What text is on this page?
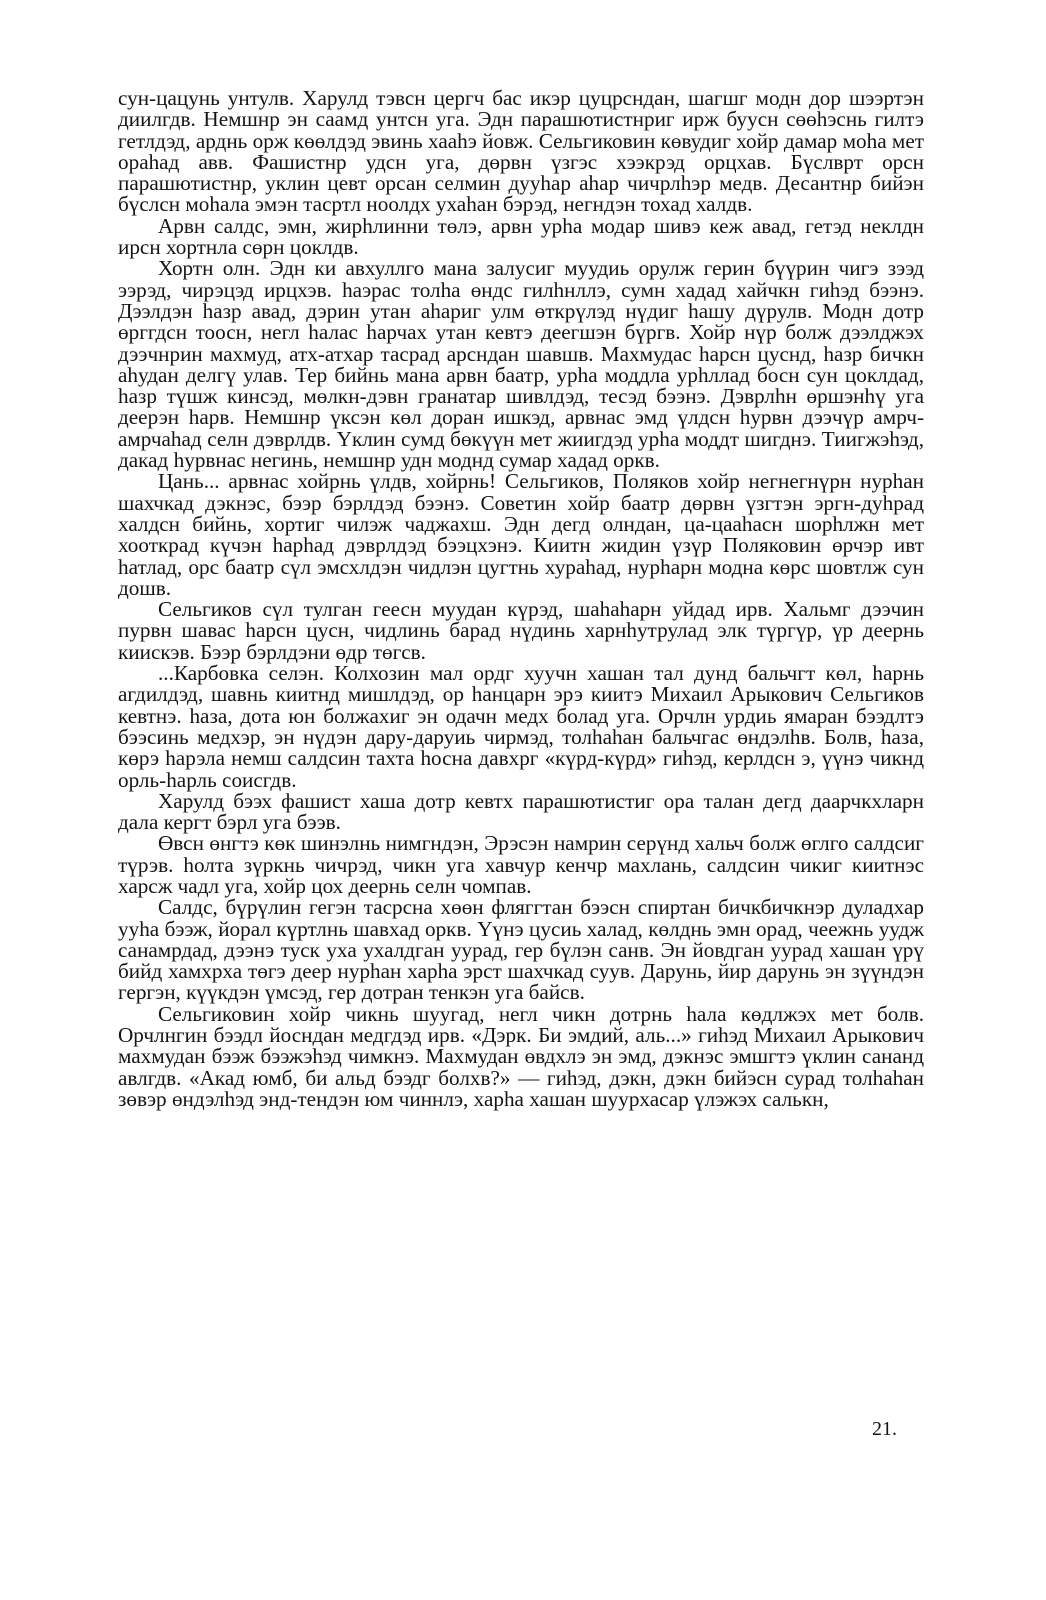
сун-цацунь унтулв. Харулд тэвсн цергч бас икэр цуцрсндан, шагшг модн дор шээртэн диилгдв. Немшнр эн саамд унтсн уга. Эдн парашютистнриг ирж буусн сөөhэснь гилтэ гетлдэд, арднь орж көөлдэд эвинь хааhэ йовж. Сельгиковин көвудиг хойр дамар моhа мет ораhад авв. Фашистнр удсн уга, дөрвн үзгэс хээкрэд орцхав. Бүслврт орсн парашютистнр, уклин цевт орсан селмин дууhар аhар чичрлhэр медв. Десантнр бийэн бүслсн моhала эмэн тасртл ноолдх ухаhан бэрэд, негндэн тохад халдв.

Арвн салдс, эмн, жирhлинни төлэ, арвн урhа модар шивэ кеж авад, гетэд неклдн ирсн хортнла сөрн цоклдв.

Хортн олн. Эдн ки авхуллго мана залусиг муудиь орулж герин бүүрин чигэ зээд ээрэд, чирэцэд ирцхэв. hаэрас толhа өндс гилhнллэ, сумн хадад хайчкн гиhэд бээнэ. Дээлдэн hазр авад, дэрин утан аhариг улм өткрүлэд нүдиг hашу дүрулв. Модн дотр өрггдсн тоосн, негл hалас hарчах утан кевтэ деегшэн бүргв. Хойр нүр болж дээлджэх дээчнрин махмуд, атх-атхар тасрад арсндан шавшв. Махмудас hарсн цуснд, hазр бичкн аhудан делгү улав. Тер бийнь мана арвн баатр, урhа моддла урhллад босн сун цоклдад, hазр түшж кинсэд, мөлкн-дэвн гранатар шивлдэд, тесэд бээнэ. Дэврлhн өршэнhү уга деерэн hарв. Немшнр үксэн көл доран ишкэд, арвнас эмд үлдсн hурвн дээчүр амрч-амрчаhад селн дэврлдв. Үклин сумд бөкүүн мет жиигдэд урhа моддт шигднэ. Тиигжэhэд, дакад hурвнас негинь, немшнр удн моднд сумар хадад оркв.

Цань... арвнас хойрнь үлдв, хойрнь! Сельгиков, Поляков хойр негнегнүрн нурhан шахчкад дэкнэс, бээр бэрлдэд бээнэ. Советин хойр баатр дөрвн үзгтэн эргн-дуhрад халдсн бийнь, хортиг чилэж чаджахш. Эдн дегд олндан, ца-цааhасн шорhлжн мет хооткрад күчэн hарhад дэврлдэд бээцхэнэ. Киитн жидин үзүр Поляковин өрчэр ивт hатлад, орс баатр сүл эмсхлдэн чидлэн цугтнь хураhад, нурhарн модна көрс шовтлж сун дошв.

Сельгиков сүл тулган геесн муудан күрэд, шаhаhарн уйдад ирв. Хальмг дээчин пурвн шавас hарсн цусн, чидлинь барад нүдинь харнhутрулад элк түргүр, үр деернь киискэв. Бээр бэрлдэни өдр төгсв.

...Карбовка селэн. Колхозин мал ордг хуучн хашан тал дунд бальчгт көл, hарнь агдилдэд, шавнь киитнд мишлдэд, ор hанцарн эрэ киитэ Михаил Арыкович Сельгиков кевтнэ. hаза, дота юн болжахиг эн одачн медх болад уга. Орчлн урдиь ямаран бээдлтэ бээсинь медхэр, эн нүдэн дару-даруиь чирмэд, толhаhан бальчгас өндэлhв. Болв, hаза, көрэ hарэла немш салдсин тахта hосна давхрг «күрд-күрд» гиhэд, керлдсн э, үүнэ чикнд орль-hарль соисгдв.

Харулд бээх фашист хаша дотр кевтх парашютистиг ора талан дегд даарчкхларн дала кергт бэрл уга бээв.

Өвсн өнгтэ көк шинэлнь нимгндэн, Эрэсэн намрин серүнд хальч болж өглго салдсиг түрэв. hолта зүркнь чичрэд, чикн уга хавчур кенчр махлань, салдсин чикиг киитнэс харсж чадл уга, хойр цох деернь селн чомпав.

Салдс, бүрүлин гегэн тасрсна хөөн фляггтан бээсн спиртан бичкбичкнэр дуладхар ууhа бээж, йорал күртлнь шавхад оркв. Үүнэ цусиь халад, көлднь эмн орад, чеежнь уудж санамрдад, дээнэ туск уха ухалдган уурад, гер бүлэн санв. Эн йовдган уурад хашан үрү бийд хамхрха төгэ деер нурhан харhа эрст шахчкад суув. Дарунь, йир дарунь эн зүүндэн гергэн, күүкдэн үмсэд, гер дотран тенкэн уга байсв.

Сельгиковин хойр чикнь шуугад, негл чикн дотрнь hала көдлжэх мет болв. Орчлнгин бээдл йосндан медгдэд ирв. «Дэрк. Би эмдий, аль...» гиhэд Михаил Арыкович махмудан бээж бээжэhэд чимкнэ. Махмудан өвдхлэ эн эмд, дэкнэс эмшгтэ үклин сананд авлгдв. «Акад юмб, би альд бээдг болхв?» — гиhэд, дэкн, дэкн бийэсн сурад толhаhан зөвэр өндэлhэд энд-тендэн юм чиннлэ, харhа хашан шуурхасар үлэжэх салькн,

21.
